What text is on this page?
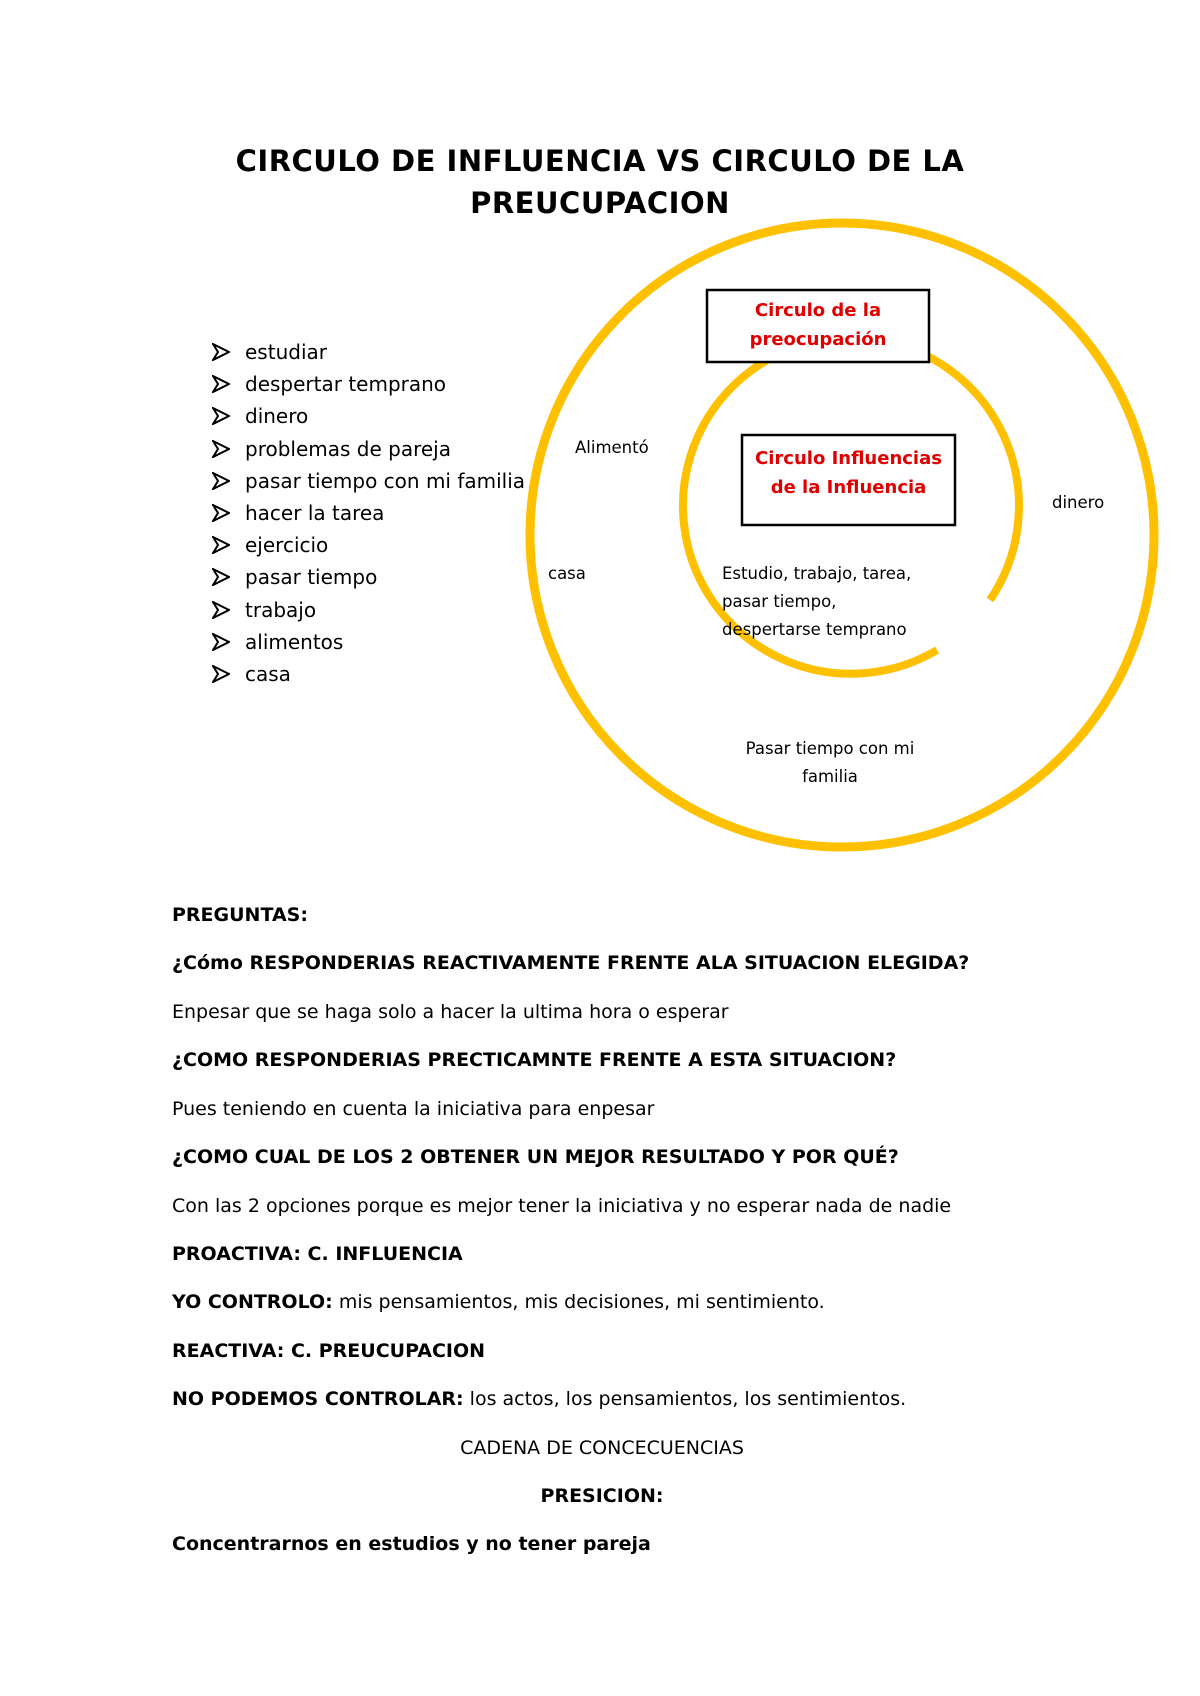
CIRCULO DE INFLUENCIA VS CIRCULO DE LA PREUCUPACION
estudiar
despertar temprano
dinero
problemas de pareja
pasar tiempo con mi familia
hacer la tarea
ejercicio
pasar tiempo
trabajo
alimentos
casa
Circulo de la preocupación
Circulo Influencias de la Influencia
Alimentó
casa
dinero
Pasar tiempo con mi familia
Estudio, trabajo, tarea, pasar tiempo, despertarse temprano
PREGUNTAS:
¿Cómo RESPONDERIAS REACTIVAMENTE FRENTE ALA SITUACION ELEGIDA?
Enpesar que se haga solo a hacer la ultima hora o esperar
¿COMO RESPONDERIAS PRECTICAMNTE FRENTE A ESTA SITUACION?
Pues teniendo en cuenta la iniciativa para enpesar
¿COMO CUAL DE LOS 2 OBTENER UN MEJOR RESULTADO Y POR QUÉ?
Con las 2 opciones porque es mejor tener la iniciativa y no esperar nada de nadie
PROACTIVA: C. INFLUENCIA
YO CONTROLO: mis pensamientos, mis decisiones, mi sentimiento.
REACTIVA: C. PREUCUPACION
NO PODEMOS CONTROLAR: los actos, los pensamientos, los sentimientos.
CADENA DE CONCECUENCIAS
PRESICION:
Concentrarnos en estudios y no tener pareja
